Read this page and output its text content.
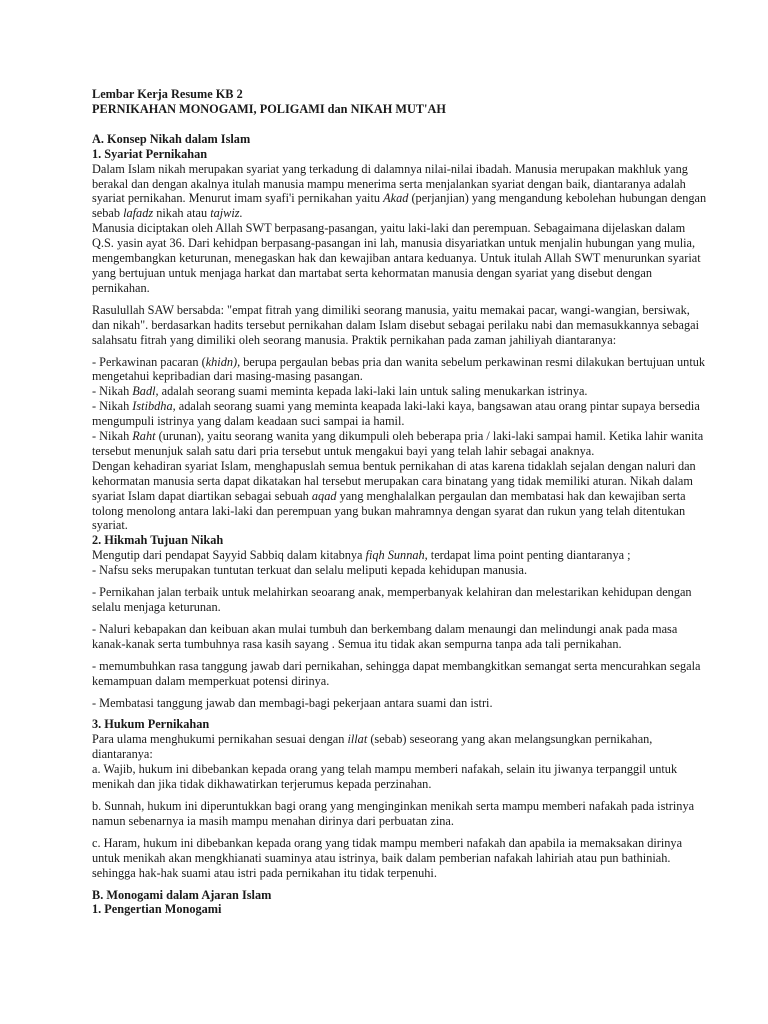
Lembar Kerja Resume KB 2

PERNIKAHAN MONOGAMI, POLIGAMI dan NIKAH MUT'AH

A. Konsep Nikah dalam Islam

1. Syariat Pernikahan

Dalam Islam nikah merupakan syariat yang terkadung di dalamnya nilai-nilai ibadah. Manusia merupakan makhluk yang berakal dan dengan akalnya itulah manusia mampu menerima serta menjalankan syariat dengan baik, diantaranya adalah syariat pernikahan. Menurut imam syafi'i pernikahan yaitu Akad (perjanjian) yang mengandung kebolehan hubungan dengan sebab lafadz nikah atau tajwiz.

Manusia diciptakan oleh Allah SWT berpasang-pasangan, yaitu laki-laki dan perempuan. Sebagaimana dijelaskan dalam Q.S. yasin ayat 36. Dari kehidpan berpasang-pasangan ini lah, manusia disyariatkan untuk menjalin hubungan yang mulia, mengembangkan keturunan, menegaskan hak dan kewajiban antara keduanya. Untuk itulah Allah SWT menurunkan syariat yang bertujuan untuk menjaga harkat dan martabat serta kehormatan manusia dengan syariat yang disebut dengan pernikahan.

Rasulullah SAW bersabda: "empat fitrah yang dimiliki seorang manusia, yaitu memakai pacar, wangi-wangian, bersiwak, dan nikah". berdasarkan hadits tersebut pernikahan dalam Islam disebut sebagai perilaku nabi dan memasukkannya sebagai salahsatu fitrah yang dimiliki oleh seorang manusia. Praktik pernikahan pada zaman jahiliyah diantaranya:

- Perkawinan pacaran (khidn), berupa pergaulan bebas pria dan wanita sebelum perkawinan resmi dilakukan bertujuan untuk mengetahui kepribadian dari masing-masing pasangan.

- Nikah Badl, adalah seorang suami meminta kepada laki-laki lain untuk saling menukarkan istrinya.

- Nikah Istibdha, adalah seorang suami yang meminta keapada laki-laki kaya, bangsawan atau orang pintar supaya bersedia mengumpuli istrinya yang dalam keadaan suci sampai ia hamil.

- Nikah Raht (urunan), yaitu seorang wanita yang dikumpuli oleh beberapa pria / laki-laki sampai hamil. Ketika lahir wanita tersebut menunjuk salah satu dari pria tersebut untuk mengakui bayi yang telah lahir sebagai anaknya.

Dengan kehadiran syariat Islam, menghapuslah semua bentuk pernikahan di atas karena tidaklah sejalan dengan naluri dan kehormatan manusia serta dapat dikatakan hal tersebut merupakan cara binatang yang tidak memiliki aturan. Nikah dalam syariat Islam dapat diartikan sebagai sebuah aqad yang menghalalkan pergaulan dan membatasi hak dan kewajiban serta tolong menolong antara laki-laki dan perempuan yang bukan mahramnya dengan syarat dan rukun yang telah ditentukan syariat.

2. Hikmah Tujuan Nikah

Mengutip dari pendapat Sayyid Sabbiq dalam kitabnya fiqh Sunnah, terdapat lima point penting diantaranya ;

- Nafsu seks merupakan tuntutan terkuat dan selalu meliputi kepada kehidupan manusia.

- Pernikahan jalan terbaik untuk melahirkan seoarang anak, memperbanyak kelahiran dan melestarikan kehidupan dengan selalu menjaga keturunan.

- Naluri kebapakan dan keibuan akan mulai tumbuh dan berkembang dalam menaungi dan melindungi anak pada masa kanak-kanak serta tumbuhnya rasa kasih sayang . Semua itu tidak akan sempurna tanpa ada tali pernikahan.

- memumbuhkan rasa tanggung jawab dari pernikahan, sehingga dapat membangkitkan semangat serta mencurahkan segala kemampuan dalam memperkuat potensi dirinya.

- Membatasi tanggung jawab dan membagi-bagi pekerjaan antara suami dan istri.

3. Hukum Pernikahan

Para ulama menghukumi pernikahan sesuai dengan illat (sebab) seseorang yang akan melangsungkan pernikahan, diantaranya:

a. Wajib, hukum ini dibebankan kepada orang yang telah mampu memberi nafakah, selain itu jiwanya terpanggil untuk menikah dan jika tidak dikhawatirkan terjerumus kepada perzinahan.

b. Sunnah, hukum ini diperuntukkan bagi orang yang menginginkan menikah serta mampu memberi nafakah pada istrinya namun sebenarnya ia masih mampu menahan dirinya dari perbuatan zina.

c. Haram, hukum ini dibebankan kepada orang yang tidak mampu memberi nafakah dan apabila ia memaksakan dirinya untuk menikah akan mengkhianati suaminya atau istrinya, baik dalam pemberian nafakah lahiriah atau pun bathiniah. sehingga hak-hak suami atau istri pada pernikahan itu tidak terpenuhi.

B. Monogami dalam Ajaran Islam

1. Pengertian Monogami
